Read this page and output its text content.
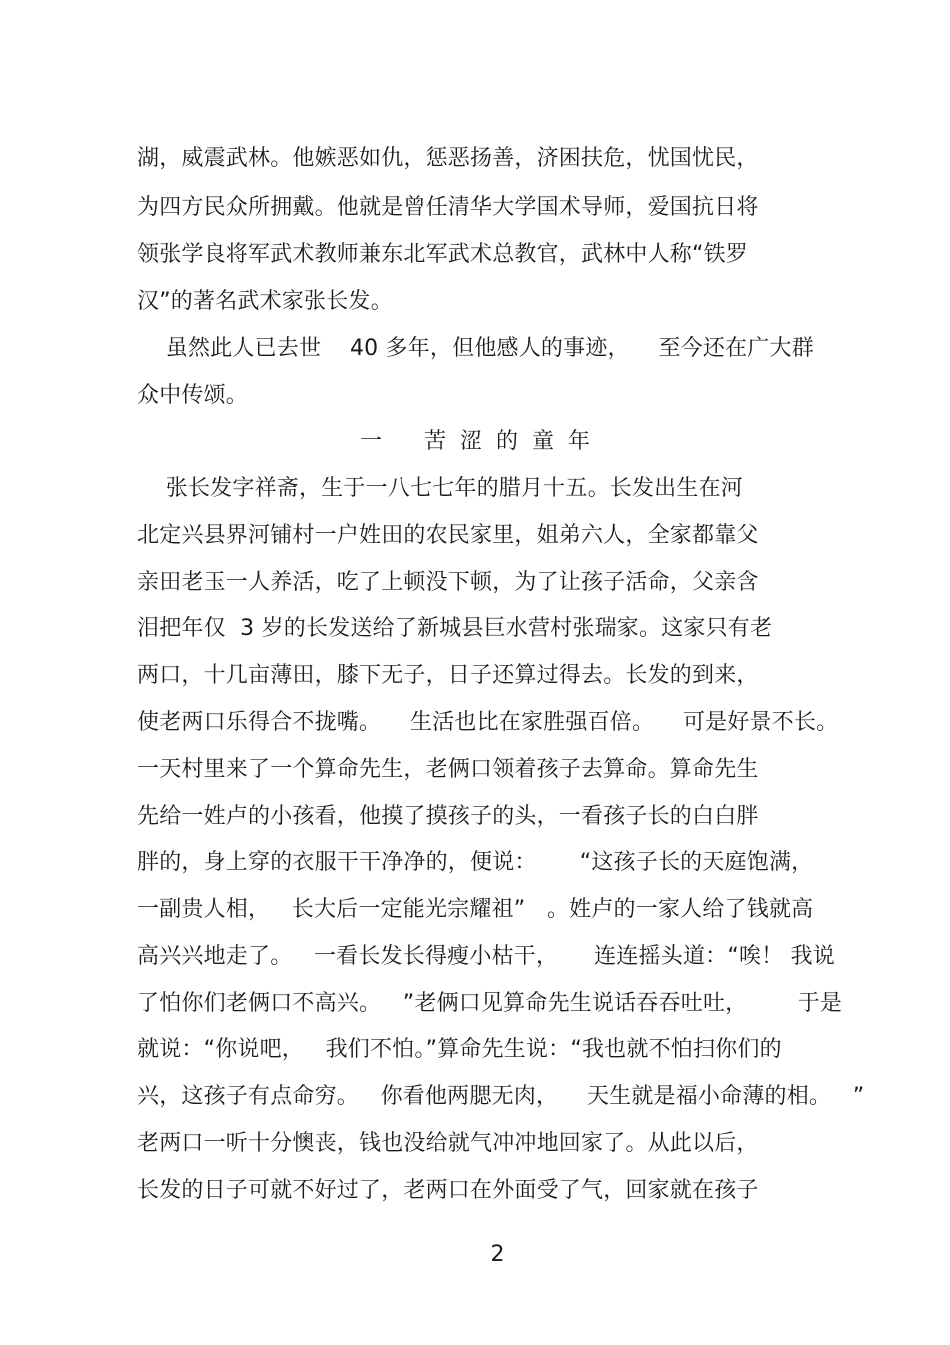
湖，威震武林。他嫉恶如仇，惩恶扬善，济困扶危，忧国忧民，
为四方民众所拥戴。他就是曾任清华大学国术导师，爱国抗日将
领张学良将军武术教师兼东北军武术总教官，武林中人称“铁罗
汉”的著名武术家张长发。
虽然此人已去世    40 多年，但他感人的事迹，    至今还在广大群
众中传颂。
一      苦  涩  的  童  年
张长发字祥斋，生于一八七七年的腊月十五。长发出生在河
北定兴县界河铺村一户姓田的农民家里，姐弟六人，全家都靠父
亲田老玉一人养活，吃了上顿没下顿，为了让孩子活命，父亲含
泪把年仅  3 岁的长发送给了新城县巨水营村张瑞家。这家只有老
两口，十几亩薄田，膝下无子，日子还算过得去。长发的到来，
使老两口乐得合不拢嘴。    生活也比在家胜强百倍。    可是好景不长。
一天村里来了一个算命先生，老俩口领着孩子去算命。算命先生
先给一姓卢的小孩看，他摸了摸孩子的头，一看孩子长的白白胖
胖的，身上穿的衣服干干净净的，便说：      “这孩子长的天庭饱满，
一副贵人相，   长大后一定能光宗耀祖”   。姓卢的一家人给了钱就高
高兴兴地走了。   一看长发长得瘦小枯干，     连连摇头道：“唉！ 我说
了怕你们老俩口不高兴。   ”老俩口见算命先生说话吞吞吐吐，       于是
就说：“你说吧，   我们不怕。”算命先生说：“我也就不怕扫你们的
兴，这孩子有点命穷。   你看他两腮无肉，    天生就是福小命薄的相。   ”
老两口一听十分懊丧，钱也没给就气冲冲地回家了。从此以后，
长发的日子可就不好过了，老两口在外面受了气，回家就在孩子
2
